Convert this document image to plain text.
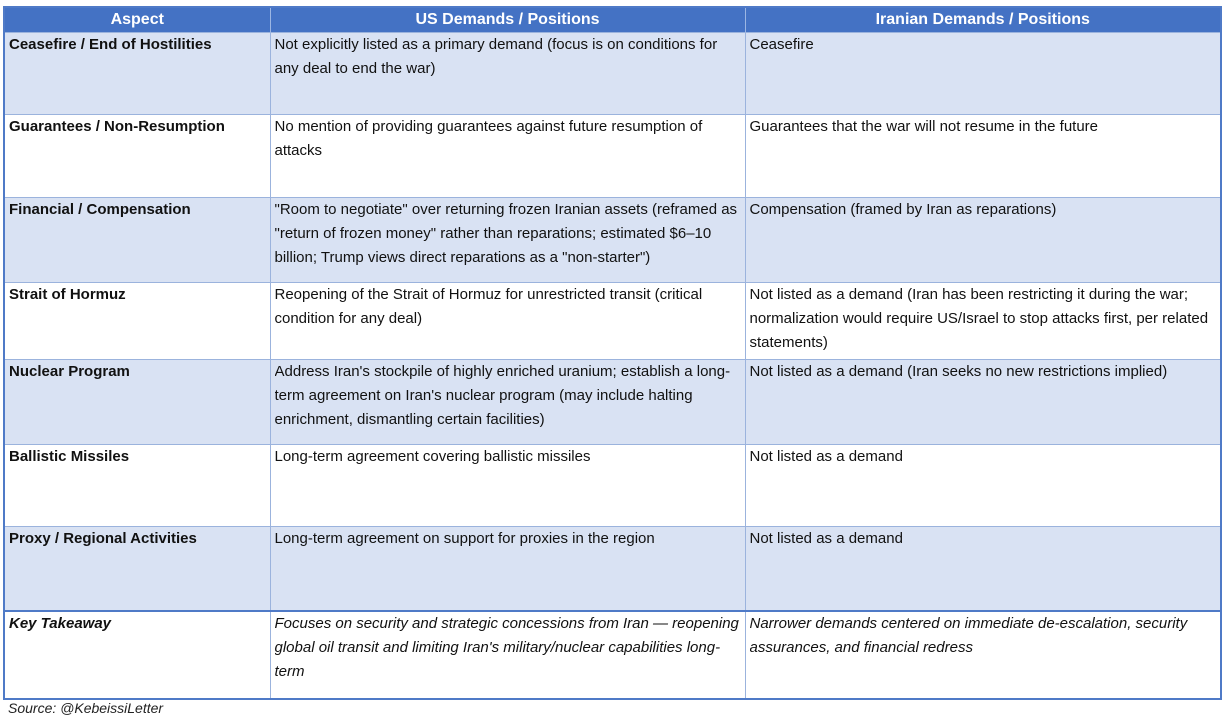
Aspect	US Demands / Positions	Iranian Demands / Positions

Ceasefire / End of Hostilities	Not explicitly listed as a primary demand (focus is on conditions for any deal to end the war)	Ceasefire

Guarantees / Non-Resumption	No mention of providing guarantees against future resumption of attacks	Guarantees that the war will not resume in the future

Financial / Compensation	"Room to negotiate" over returning frozen Iranian assets (reframed as "return of frozen money" rather than reparations; estimated $6–10 billion; Trump views direct reparations as a "non-starter")	Compensation (framed by Iran as reparations)

Strait of Hormuz	Reopening of the Strait of Hormuz for unrestricted transit (critical condition for any deal)	Not listed as a demand (Iran has been restricting it during the war; normalization would require US/Israel to stop attacks first, per related statements)

Nuclear Program	Address Iran's stockpile of highly enriched uranium; establish a long-term agreement on Iran's nuclear program (may include halting enrichment, dismantling certain facilities)	Not listed as a demand (Iran seeks no new restrictions implied)

Ballistic Missiles	Long-term agreement covering ballistic missiles	Not listed as a demand

Proxy / Regional Activities	Long-term agreement on support for proxies in the region	Not listed as a demand

Key Takeaway	Focuses on security and strategic concessions from Iran — reopening global oil transit and limiting Iran's military/nuclear capabilities long-term	Narrower demands centered on immediate de-escalation, security assurances, and financial redress
Source: @KebeissiLetter
